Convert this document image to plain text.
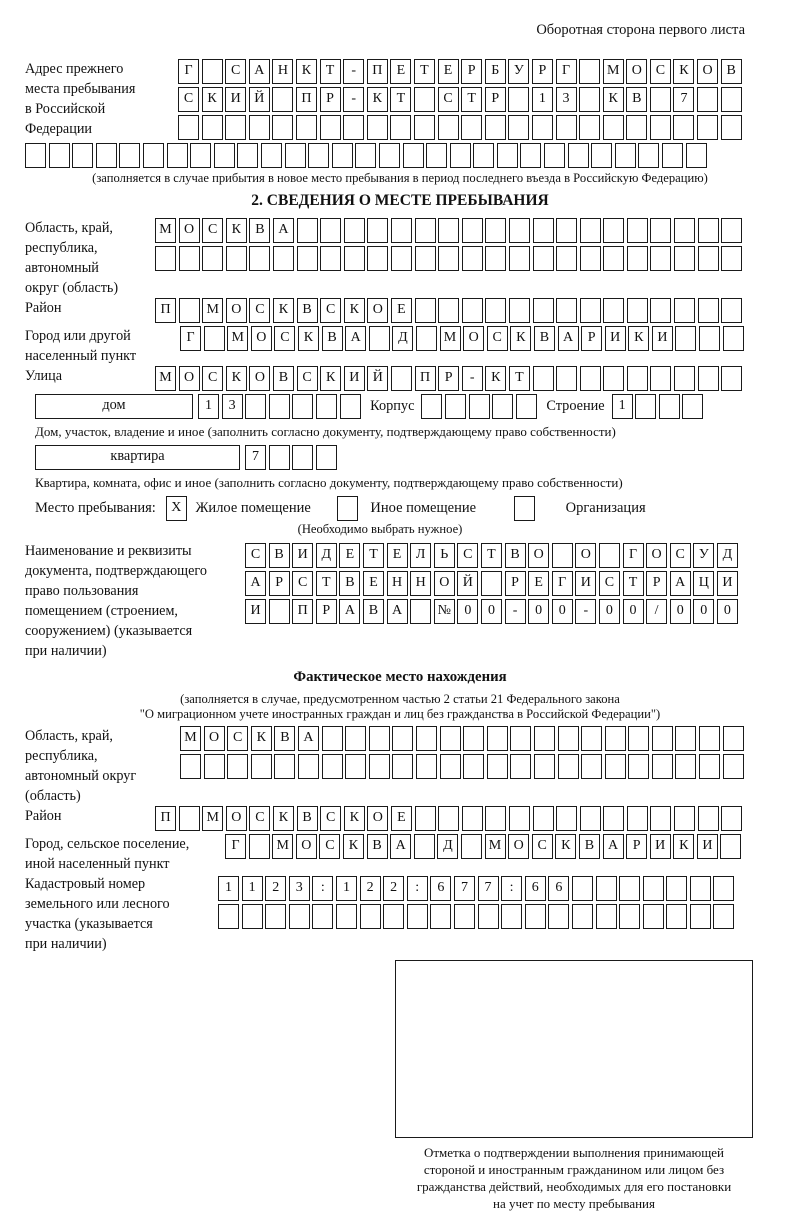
Оборотная сторона первого листа
Адрес прежнего
места пребывания
в Российской
Федерации
Г	С А Н К Т - П Е Т Е Р Б У Р Г	М О С К О В
С К И Й	П Р - К Т	С Т Р	1 3	К В	7
(заполняется в случае прибытия в новое место пребывания в период последнего въезда в Российскую Федерацию)
2. СВЕДЕНИЯ О МЕСТЕ ПРЕБЫВАНИЯ
Область, край,
республика,
автономный
округ (область)
М О С К В А
Район	П	М О С К В С К О Е
Город или другой
населенный пункт
Г	М О С К В А	Д	М О С К В А Р И К И
Улица	М О С К О В С К И Й	П Р - К Т
дом	1 3	Корпус	Строение	1
Дом, участок, владение и иное (заполнить согласно документу, подтверждающему право собственности)
квартира	7
Квартира, комната, офис и иное (заполнить согласно документу, подтверждающему право собственности)
Место пребывания:	X Жилое помещение	Иное помещение	Организация
(Необходимо выбрать нужное)
Наименование и реквизиты
документа, подтверждающего
право пользования
помещением (строением,
сооружением) (указывается
при наличии)
С В И Д Е Т Е Л Ь С Т В О	О	Г О С У Д
А Р С Т В Е Н Н О Й	Р Е Г И С Т Р А Ц И
И	П Р А В А	№ 0 0 - 0 0 - 0 0 / 0 0 0
Фактическое место нахождения
(заполняется в случае, предусмотренном частью 2 статьи 21 Федерального закона
"О миграционном учете иностранных граждан и лиц без гражданства в Российской Федерации")
Область, край,
республика,
автономный округ
(область)
М О С К В А
Район	П	М О С К В С К О Е
Город, сельское поселение,
иной населенный пункт
Г	М О С К В А	Д	М О С К В А Р И К И
Кадастровый номер
земельного или лесного
участка (указывается
при наличии)
1 1 2 3 : 1 2 2 : 6 7 7 : 6 6
Отметка о подтверждении выполнения принимающей
стороной и иностранным гражданином или лицом без
гражданства действий, необходимых для его постановки
на учет по месту пребывания
